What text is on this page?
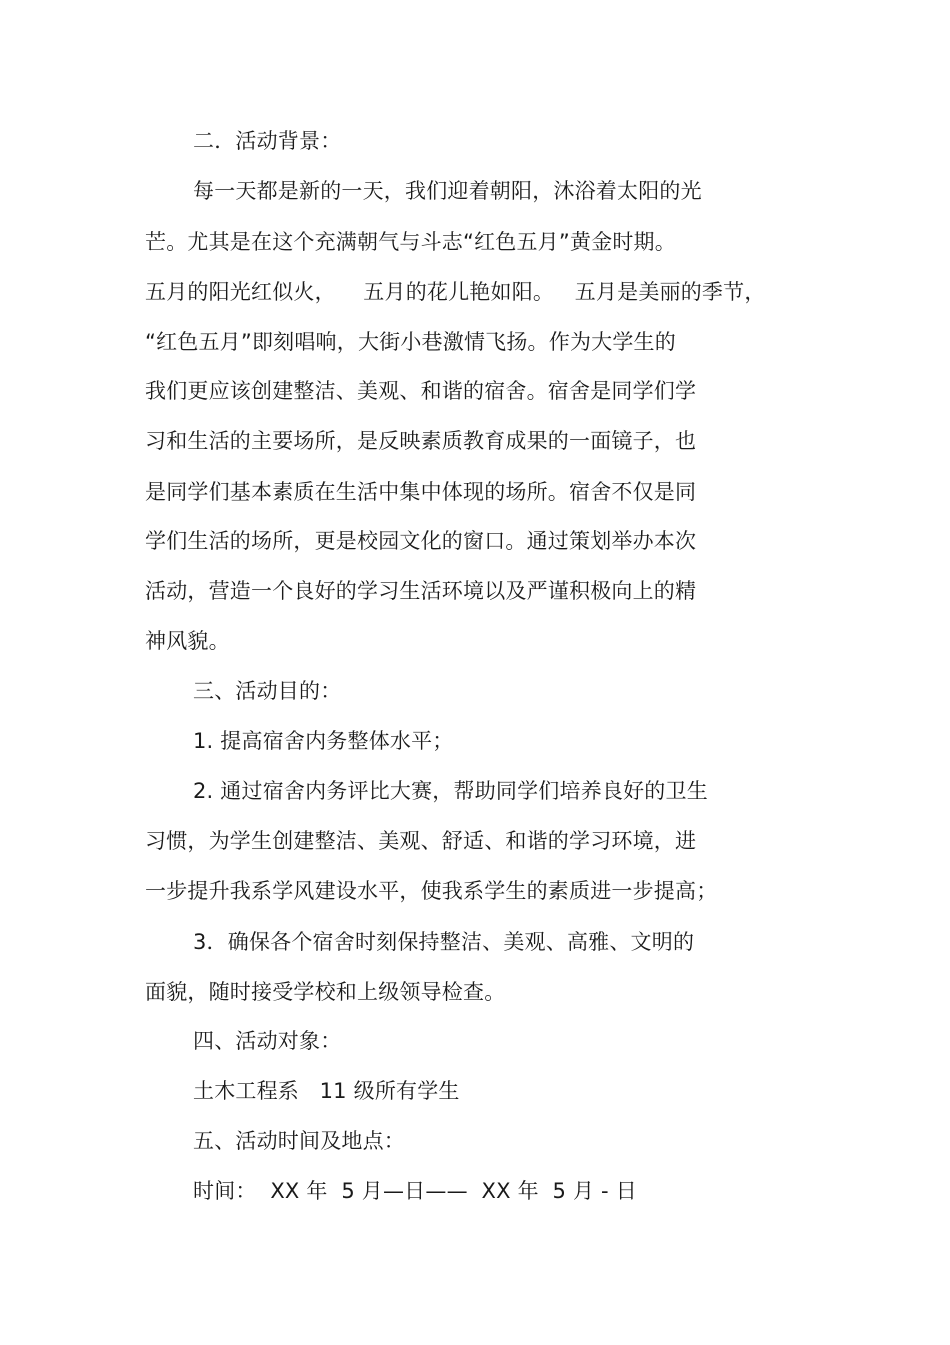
二．活动背景：
每一天都是新的一天，我们迎着朝阳，沐浴着太阳的光
芒。尤其是在这个充满朝气与斗志“红色五月”黄金时期。
五月的阳光红似火，    五月的花儿艳如阳。   五月是美丽的季节，
“红色五月”即刻唱响，大街小巷激情飞扬。作为大学生的
我们更应该创建整洁、美观、和谐的宿舍。宿舍是同学们学
习和生活的主要场所，是反映素质教育成果的一面镜子，也
是同学们基本素质在生活中集中体现的场所。宿舍不仅是同
学们生活的场所，更是校园文化的窗口。通过策划举办本次
活动，营造一个良好的学习生活环境以及严谨积极向上的精
神风貌。
三、活动目的：
1. 提高宿舍内务整体水平；
2. 通过宿舍内务评比大赛，帮助同学们培养良好的卫生
习惯，为学生创建整洁、美观、舒适、和谐的学习环境，进
一步提升我系学风建设水平，使我系学生的素质进一步提高；
3．确保各个宿舍时刻保持整洁、美观、高雅、文明的
面貌，随时接受学校和上级领导检查。
四、活动对象：
土木工程系   11 级所有学生
五、活动时间及地点：
时间：  XX 年  5 月—日——  XX 年  5 月 - 日
